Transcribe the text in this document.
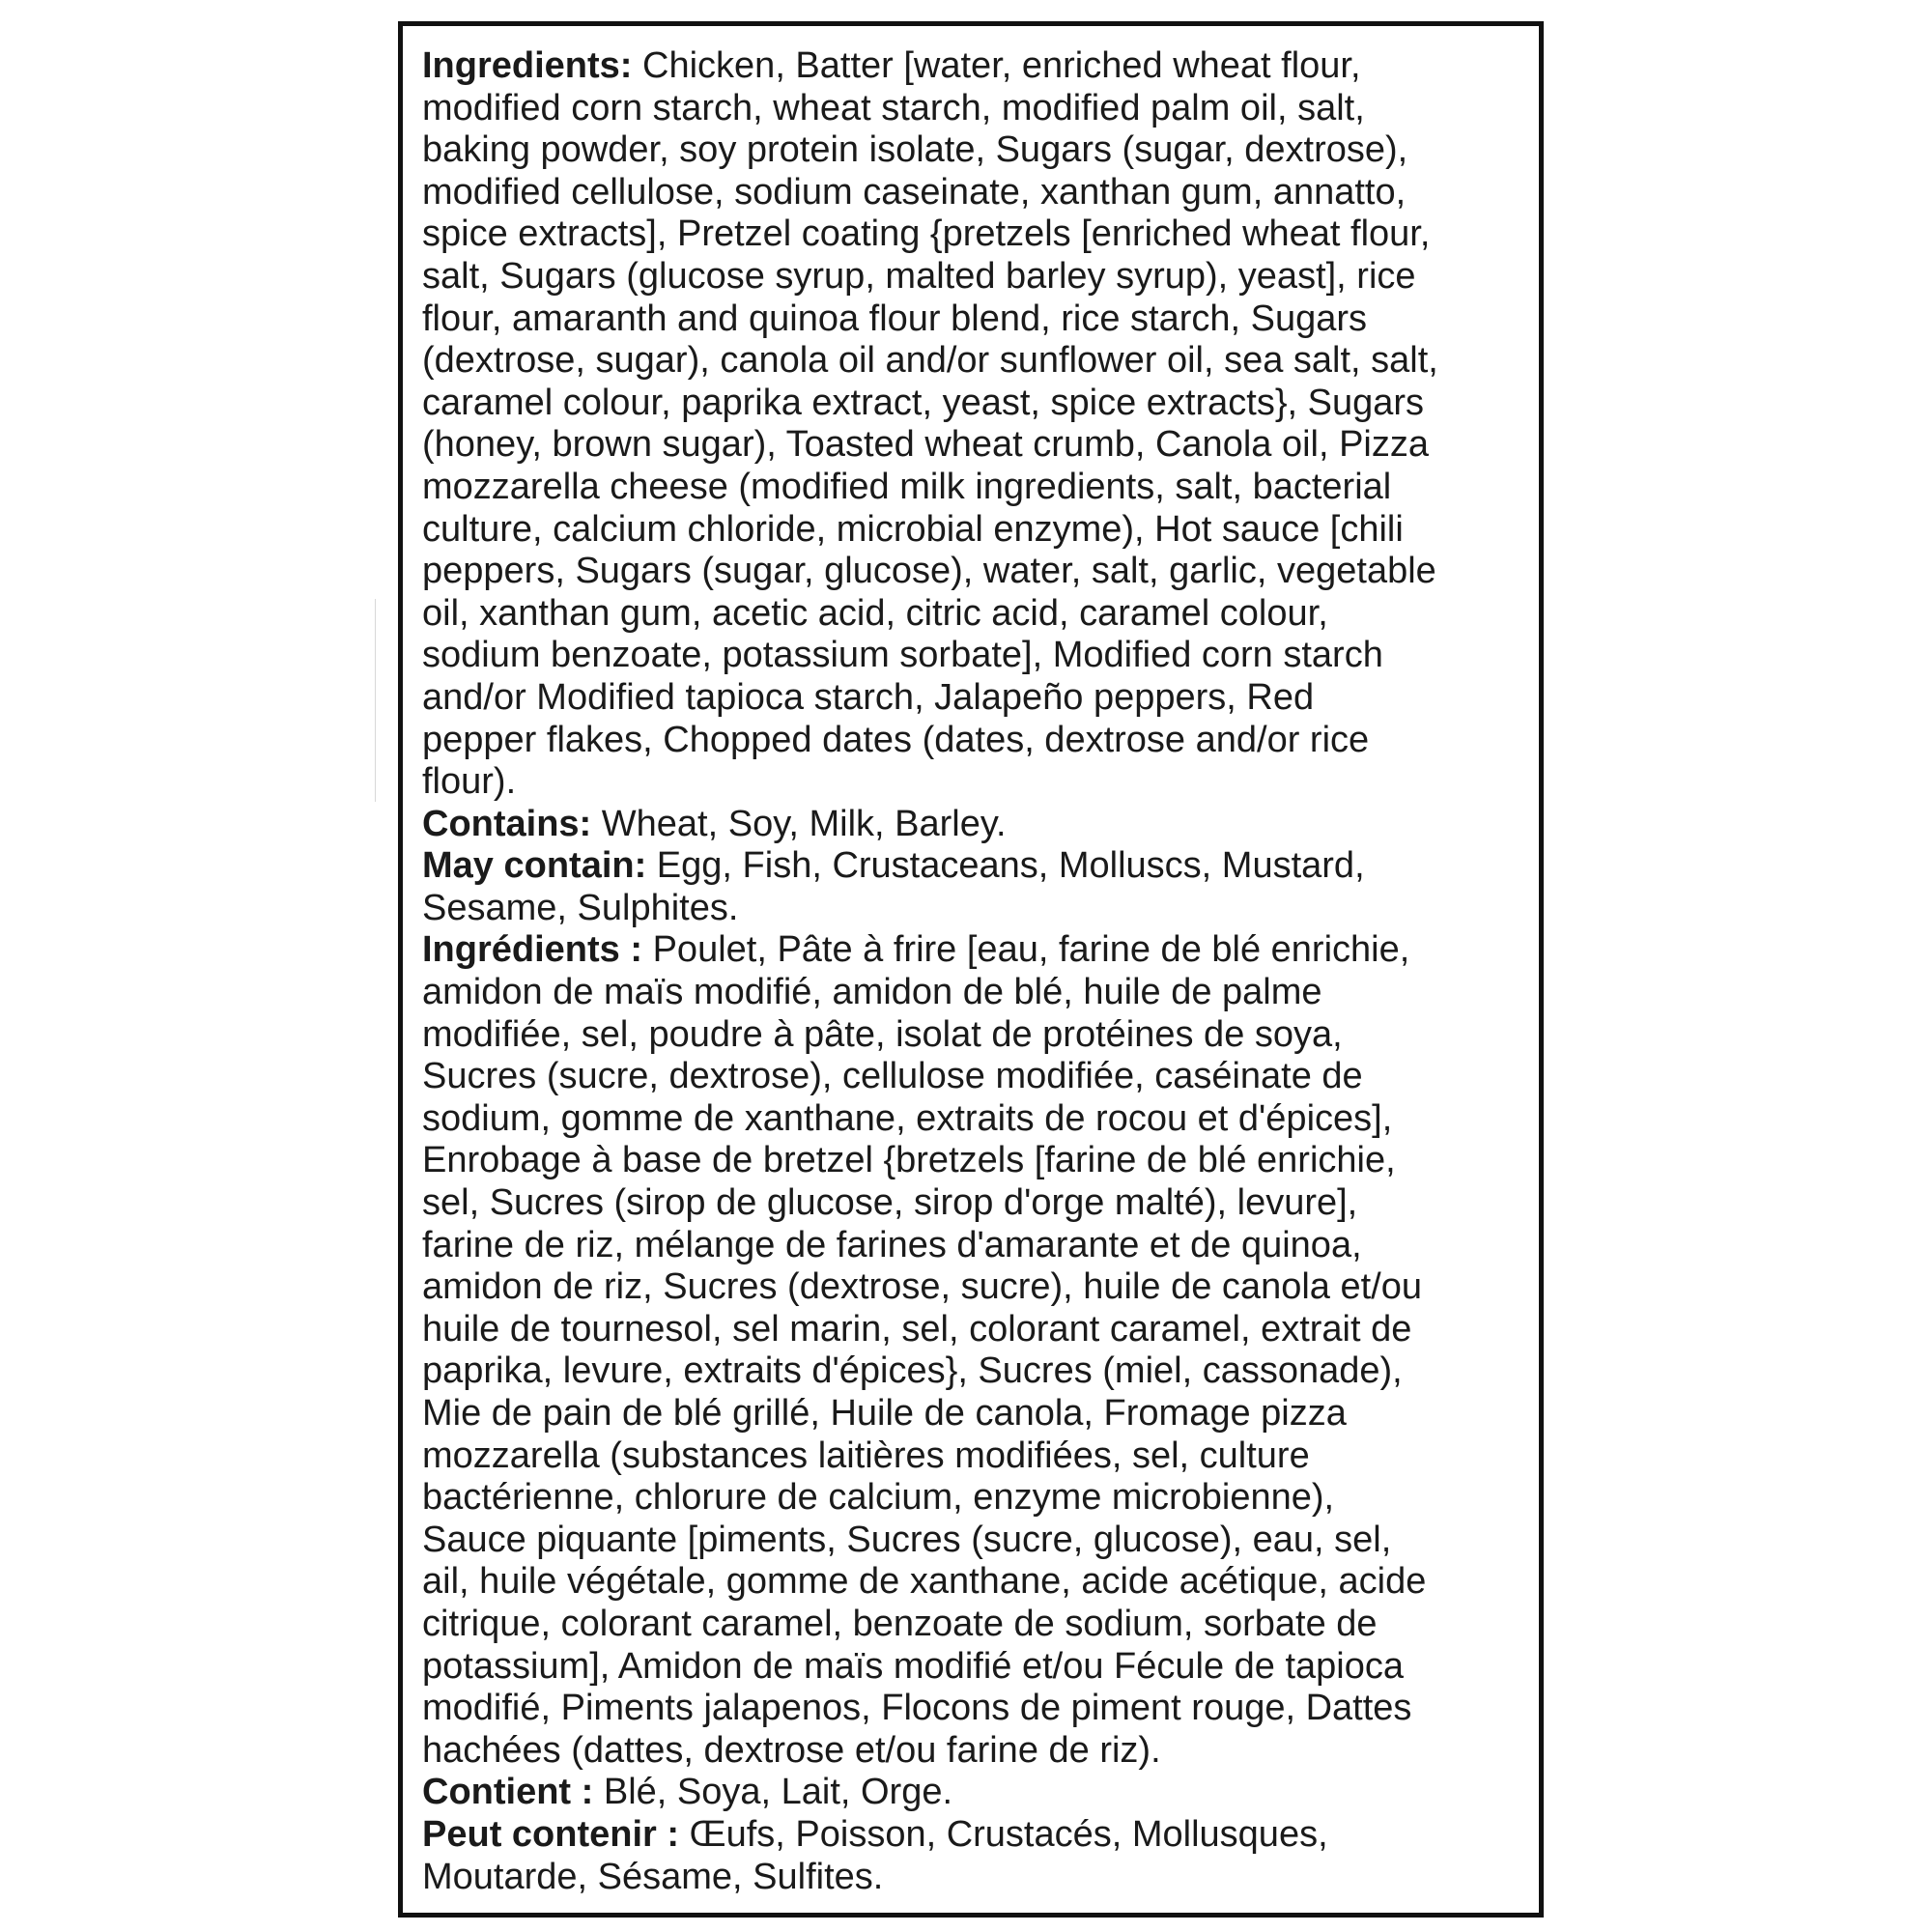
Ingredients: Chicken, Batter [water, enriched wheat flour,
modified corn starch, wheat starch, modified palm oil, salt,
baking powder, soy protein isolate, Sugars (sugar, dextrose),
modified cellulose, sodium caseinate, xanthan gum, annatto,
spice extracts], Pretzel coating {pretzels [enriched wheat flour,
salt, Sugars (glucose syrup, malted barley syrup), yeast], rice
flour, amaranth and quinoa flour blend, rice starch, Sugars
(dextrose, sugar), canola oil and/or sunflower oil, sea salt, salt,
caramel colour, paprika extract, yeast, spice extracts}, Sugars
(honey, brown sugar), Toasted wheat crumb, Canola oil, Pizza
mozzarella cheese (modified milk ingredients, salt, bacterial
culture, calcium chloride, microbial enzyme), Hot sauce [chili
peppers, Sugars (sugar, glucose), water, salt, garlic, vegetable
oil, xanthan gum, acetic acid, citric acid, caramel colour,
sodium benzoate, potassium sorbate], Modified corn starch
and/or Modified tapioca starch, Jalapeño peppers, Red
pepper flakes, Chopped dates (dates, dextrose and/or rice
flour).
Contains: Wheat, Soy, Milk, Barley.
May contain: Egg, Fish, Crustaceans, Molluscs, Mustard,
Sesame, Sulphites.
Ingrédients : Poulet, Pâte à frire [eau, farine de blé enrichie,
amidon de maïs modifié, amidon de blé, huile de palme
modifiée, sel, poudre à pâte, isolat de protéines de soya,
Sucres (sucre, dextrose), cellulose modifiée, caséinate de
sodium, gomme de xanthane, extraits de rocou et d'épices],
Enrobage à base de bretzel {bretzels [farine de blé enrichie,
sel, Sucres (sirop de glucose, sirop d'orge malté), levure],
farine de riz, mélange de farines d'amarante et de quinoa,
amidon de riz, Sucres (dextrose, sucre), huile de canola et/ou
huile de tournesol, sel marin, sel, colorant caramel, extrait de
paprika, levure, extraits d'épices}, Sucres (miel, cassonade),
Mie de pain de blé grillé, Huile de canola, Fromage pizza
mozzarella (substances laitières modifiées, sel, culture
bactérienne, chlorure de calcium, enzyme microbienne),
Sauce piquante [piments, Sucres (sucre, glucose), eau, sel,
ail, huile végétale, gomme de xanthane, acide acétique, acide
citrique, colorant caramel, benzoate de sodium, sorbate de
potassium], Amidon de maïs modifié et/ou Fécule de tapioca
modifié, Piments jalapenos, Flocons de piment rouge, Dattes
hachées (dattes, dextrose et/ou farine de riz).
Contient : Blé, Soya, Lait, Orge.
Peut contenir : Œufs, Poisson, Crustacés, Mollusques,
Moutarde, Sésame, Sulfites.
